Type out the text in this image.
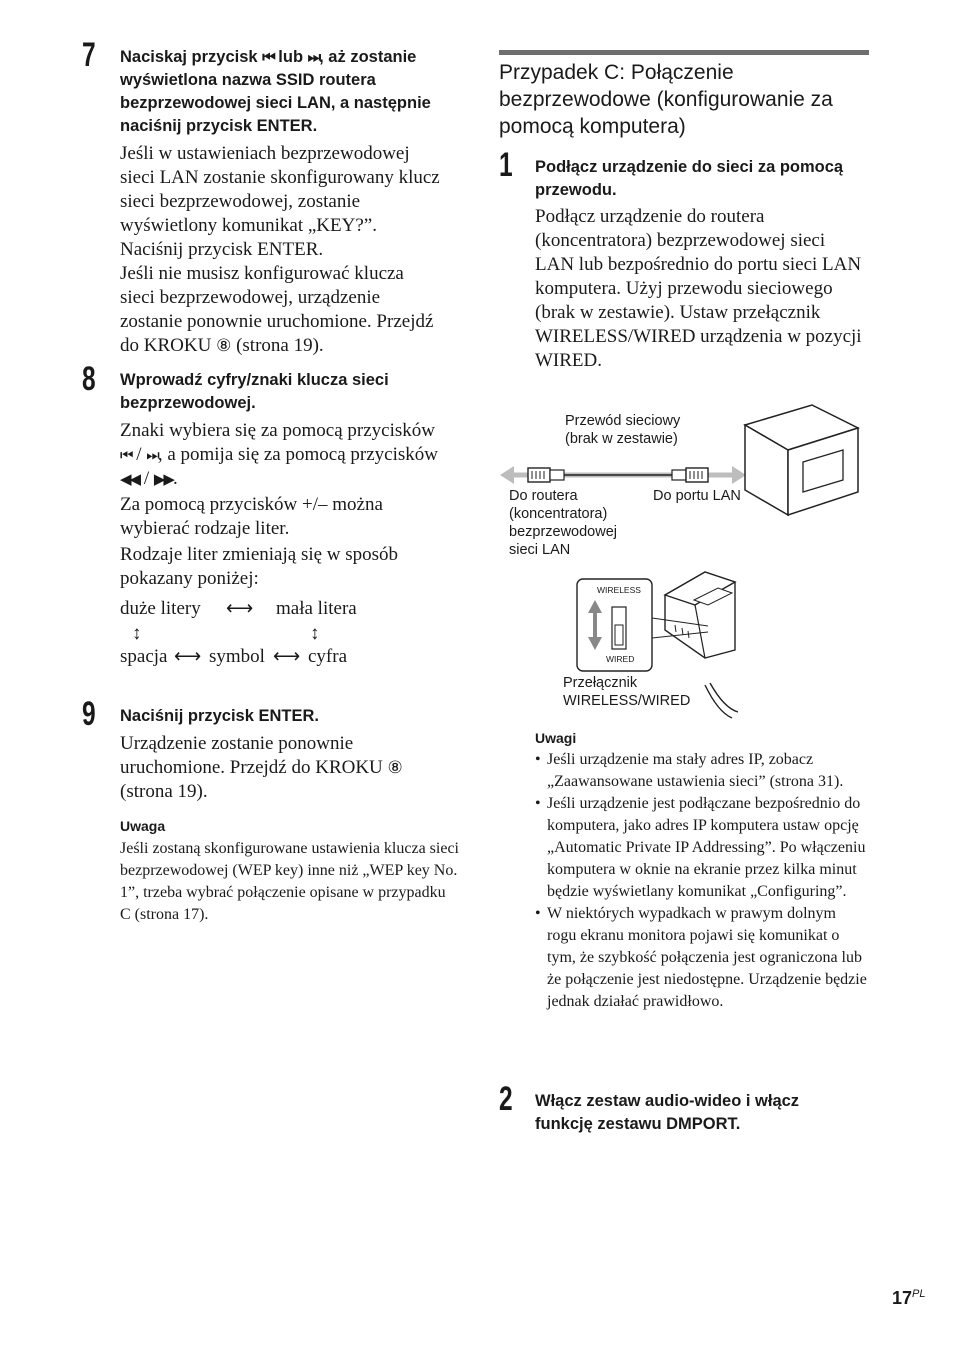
7 Naciskaj przycisk ⏮ lub ⏭, aż zostanie wyświetlona nazwa SSID routera bezprzewodowej sieci LAN, a następnie naciśnij przycisk ENTER.
Jeśli w ustawieniach bezprzewodowej sieci LAN zostanie skonfigurowany klucz sieci bezprzewodowej, zostanie wyświetlony komunikat „KEY?”. Naciśnij przycisk ENTER.
Jeśli nie musisz konfigurować klucza sieci bezprzewodowej, urządzenie zostanie ponownie uruchomione. Przejdź do KROKU ⑧ (strona 19).
8 Wprowadź cyfry/znaki klucza sieci bezprzewodowej.
Znaki wybiera się za pomocą przycisków ⏮ / ⏭, a pomija się za pomocą przycisków ◀◀ / ▶▶.
Za pomocą przycisków +/– można wybierać rodzaje liter.
Rodzaje liter zmieniają się w sposób pokazany poniżej:
duże litery ⟷ mała litera
↕	↕
spacja ⟷ symbol ⟷ cyfra
9 Naciśnij przycisk ENTER.
Urządzenie zostanie ponownie uruchomione. Przejdź do KROKU ⑧ (strona 19).
Uwaga
Jeśli zostaną skonfigurowane ustawienia klucza sieci bezprzewodowej (WEP key) inne niż „WEP key No. 1”, trzeba wybrać połączenie opisane w przypadku C (strona 17).
Przypadek C: Połączenie bezprzewodowe (konfigurowanie za pomocą komputera)
1 Podłącz urządzenie do sieci za pomocą przewodu.
Podłącz urządzenie do routera (koncentratora) bezprzewodowej sieci LAN lub bezpośrednio do portu sieci LAN komputera. Użyj przewodu sieciowego (brak w zestawie). Ustaw przełącznik WIRELESS/WIRED urządzenia w pozycji WIRED.
Przewód sieciowy (brak w zestawie)
Do routera (koncentratora) bezprzewodowej sieci LAN
Do portu LAN
WIRELESS
WIRED
Przełącznik WIRELESS/WIRED
Uwagi
• Jeśli urządzenie ma stały adres IP, zobacz „Zaawansowane ustawienia sieci” (strona 31).
• Jeśli urządzenie jest podłączane bezpośrednio do komputera, jako adres IP komputera ustaw opcję „Automatic Private IP Addressing”. Po włączeniu komputera w oknie na ekranie przez kilka minut będzie wyświetlany komunikat „Configuring”.
• W niektórych wypadkach w prawym dolnym rogu ekranu monitora pojawi się komunikat o tym, że szybkość połączenia jest ograniczona lub że połączenie jest niedostępne. Urządzenie będzie jednak działać prawidłowo.
2 Włącz zestaw audio-wideo i włącz funkcję zestawu DMPORT.
$17^{PL}$
